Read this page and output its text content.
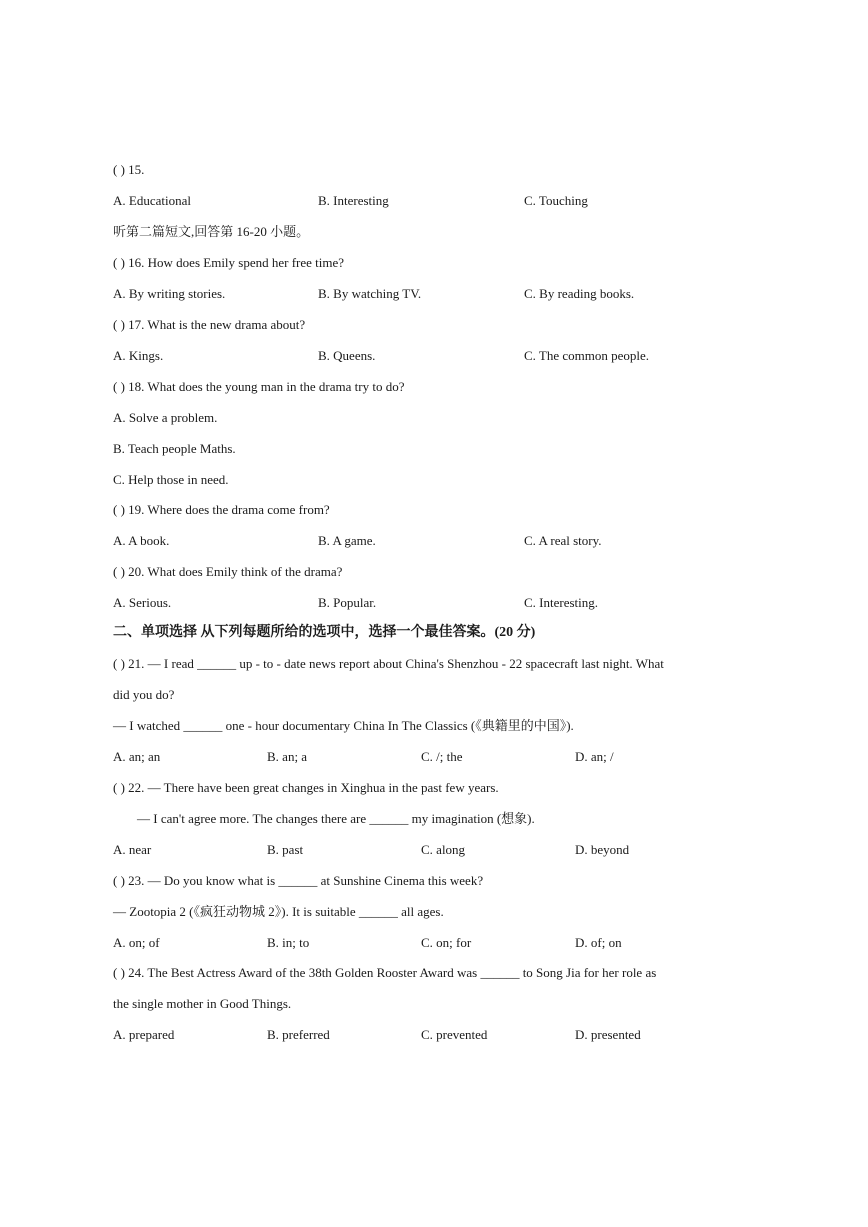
( ) 15.
A. Educational	B. Interesting	C. Touching
听第二篇短文,回答第 16-20 小题。
( ) 16. How does Emily spend her free time?
A. By writing stories.	B. By watching TV.	C. By reading books.
( ) 17. What is the new drama about?
A. Kings.	B. Queens.	C. The common people.
( ) 18. What does the young man in the drama try to do?
A. Solve a problem.
B. Teach people Maths.
C. Help those in need.
( ) 19. Where does the drama come from?
A. A book.	B. A game.	C. A real story.
( ) 20. What does Emily think of the drama?
A. Serious.	B. Popular.	C. Interesting.
二、单项选择 从下列每题所给的选项中，选择一个最佳答案。(20 分)
( ) 21. — I read ______ up - to - date news report about China's Shenzhou - 22 spacecraft last night. What
did you do?
— I watched ______ one - hour documentary China In The Classics (《典籍里的中国》).
A. an; an	B. an; a	C. /; the	D. an; /
( ) 22. — There have been great changes in Xinghua in the past few years.
— I can't agree more. The changes there are ______ my imagination (想象).
A. near	B. past	C. along	D. beyond
( ) 23. — Do you know what is ______ at Sunshine Cinema this week?
— Zootopia 2 (《疯狂动物城 2》). It is suitable ______ all ages.
A. on; of	B. in; to	C. on; for	D. of; on
( ) 24. The Best Actress Award of the 38th Golden Rooster Award was ______ to Song Jia for her role as
the single mother in Good Things.
A. prepared	B. preferred	C. prevented	D. presented
